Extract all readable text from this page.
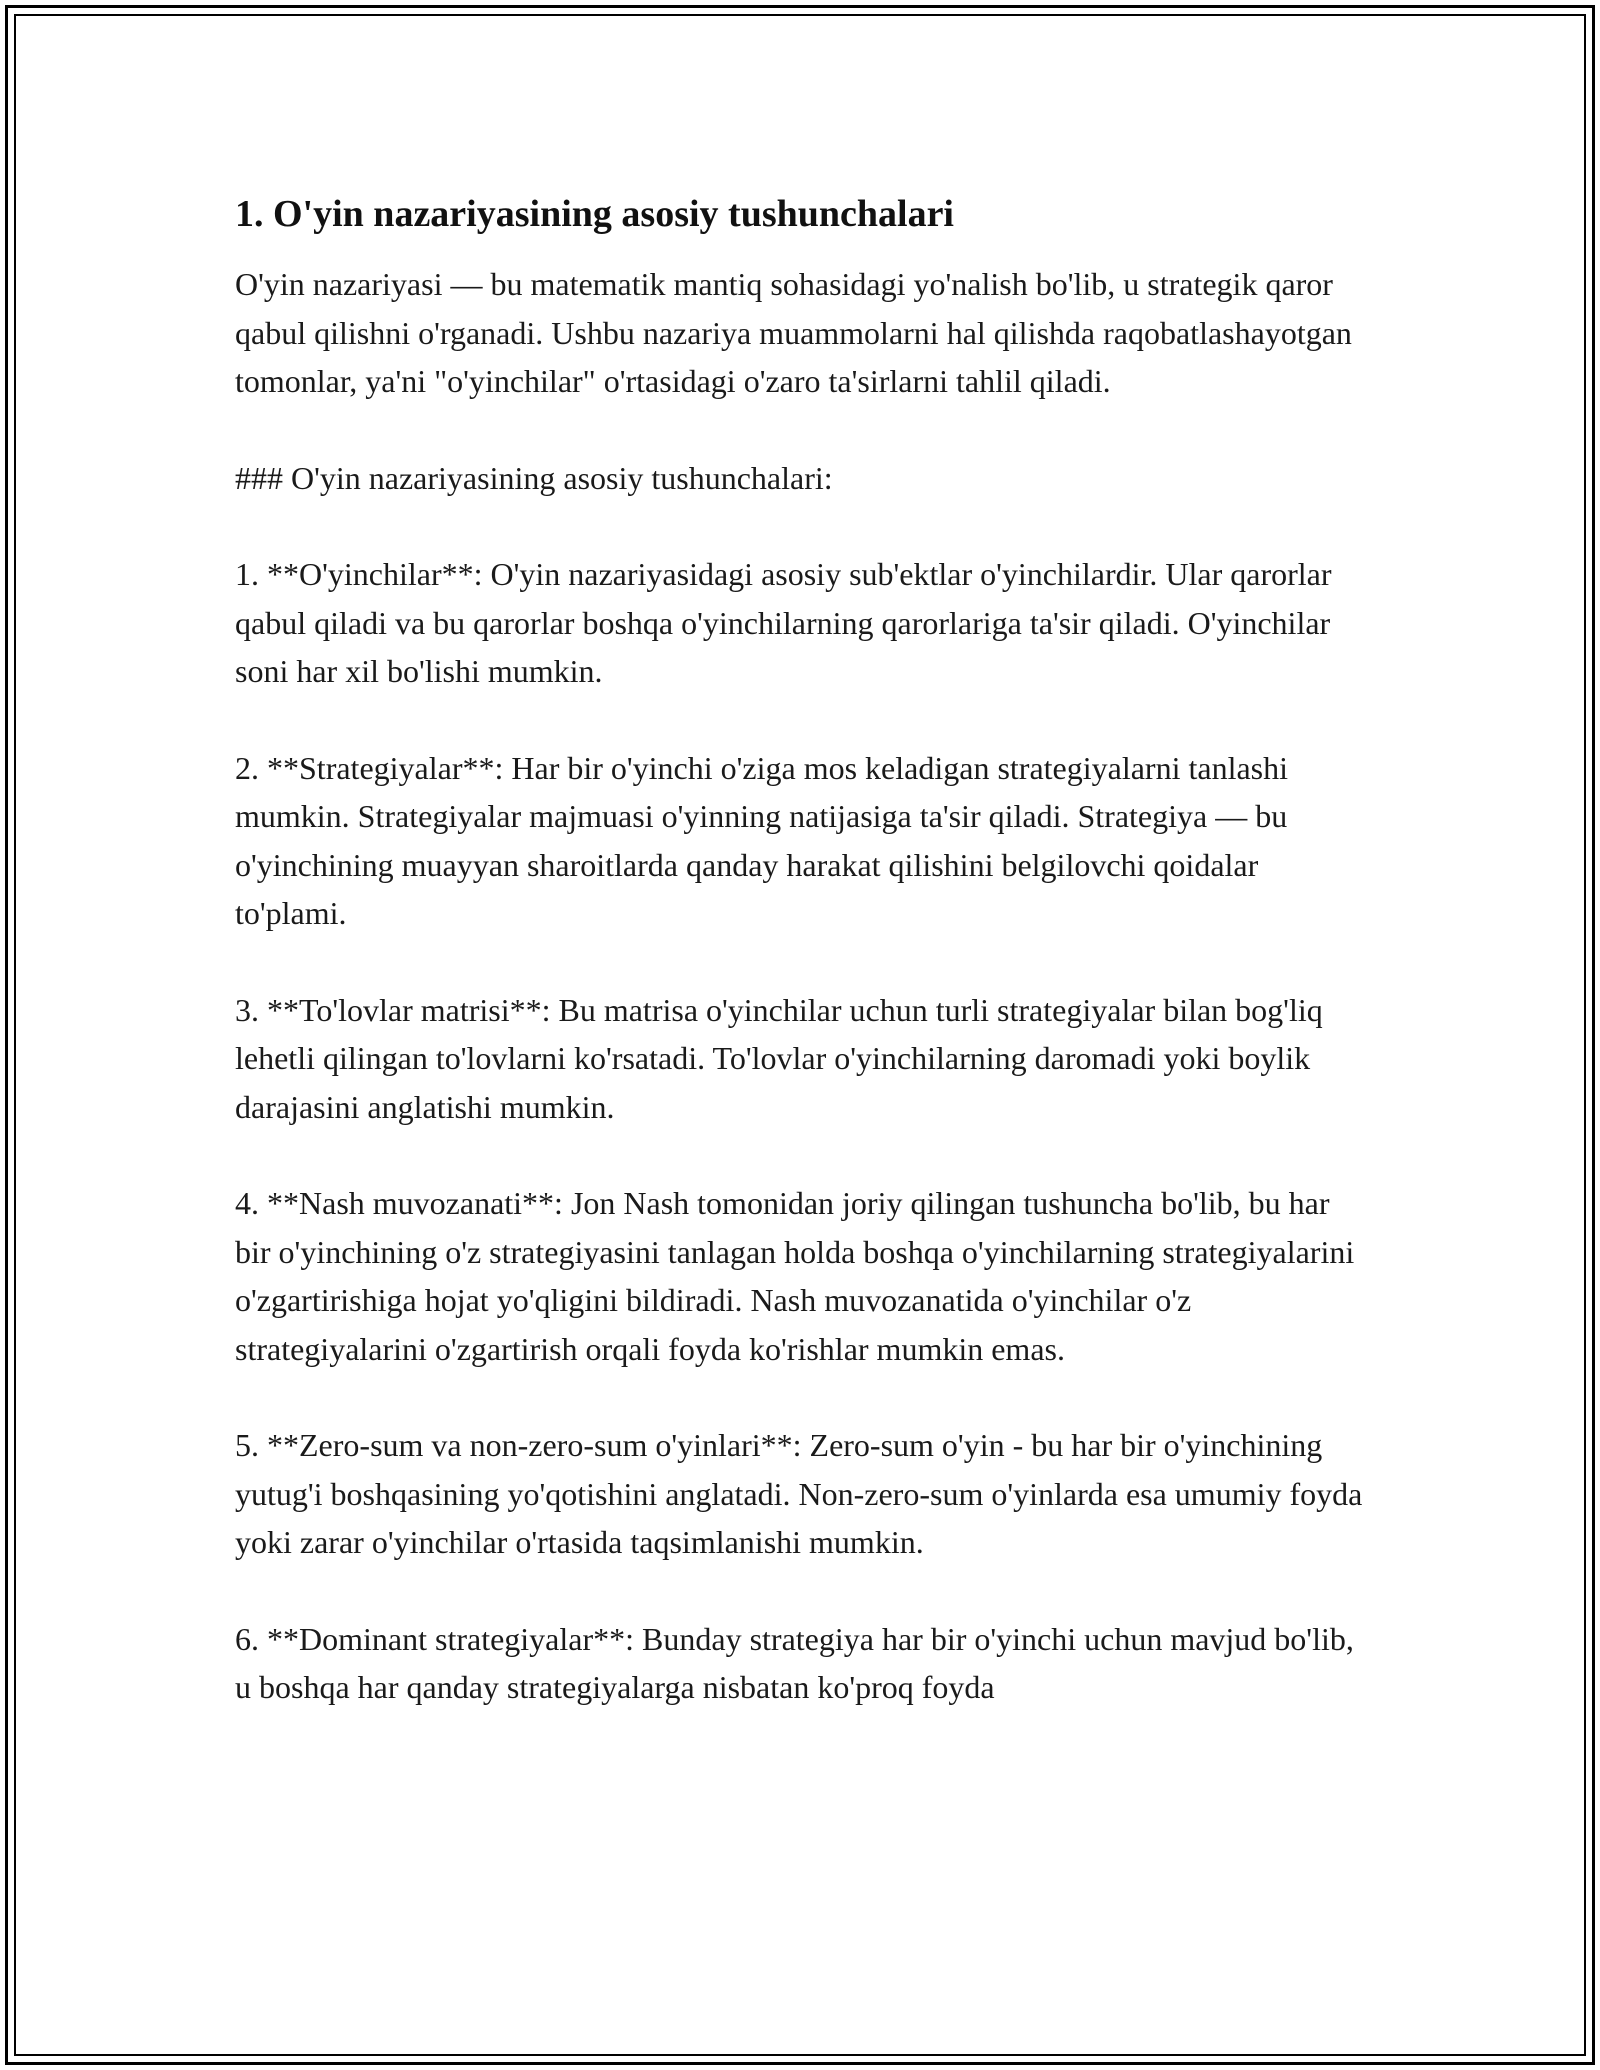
1. O'yin nazariyasining asosiy tushunchalari

O'yin nazariyasi — bu matematik mantiq sohasidagi yo'nalish bo'lib, u strategik qaror qabul qilishni o'rganadi. Ushbu nazariya muammolarni hal qilishda raqobatlashayotgan tomonlar, ya'ni "o'yinchilar" o'rtasidagi o'zaro ta'sirlarni tahlil qiladi.

### O'yin nazariyasining asosiy tushunchalari:

1. **O'yinchilar**: O'yin nazariyasidagi asosiy sub'ektlar o'yinchilardir. Ular qarorlar qabul qiladi va bu qarorlar boshqa o'yinchilarning qarorlariga ta'sir qiladi. O'yinchilar soni har xil bo'lishi mumkin.

2. **Strategiyalar**: Har bir o'yinchi o'ziga mos keladigan strategiyalarni tanlashi mumkin. Strategiyalar majmuasi o'yinning natijasiga ta'sir qiladi. Strategiya — bu o'yinchining muayyan sharoitlarda qanday harakat qilishini belgilovchi qoidalar to'plami.

3. **To'lovlar matrisi**: Bu matrisa o'yinchilar uchun turli strategiyalar bilan bog'liq lehetli qilingan to'lovlarni ko'rsatadi. To'lovlar o'yinchilarning daromadi yoki boylik darajasini anglatishi mumkin.

4. **Nash muvozanati**: Jon Nash tomonidan joriy qilingan tushuncha bo'lib, bu har bir o'yinchining o'z strategiyasini tanlagan holda boshqa o'yinchilarning strategiyalarini o'zgartirishiga hojat yo'qligini bildiradi. Nash muvozanatida o'yinchilar o'z strategiyalarini o'zgartirish orqali foyda ko'rishlar mumkin emas.

5. **Zero-sum va non-zero-sum o'yinlari**: Zero-sum o'yin - bu har bir o'yinchining yutug'i boshqasining yo'qotishini anglatadi. Non-zero-sum o'yinlarda esa umumiy foyda yoki zarar o'yinchilar o'rtasida taqsimlanishi mumkin.

6. **Dominant strategiyalar**: Bunday strategiya har bir o'yinchi uchun mavjud bo'lib, u boshqa har qanday strategiyalarga nisbatan ko'proq foyda
